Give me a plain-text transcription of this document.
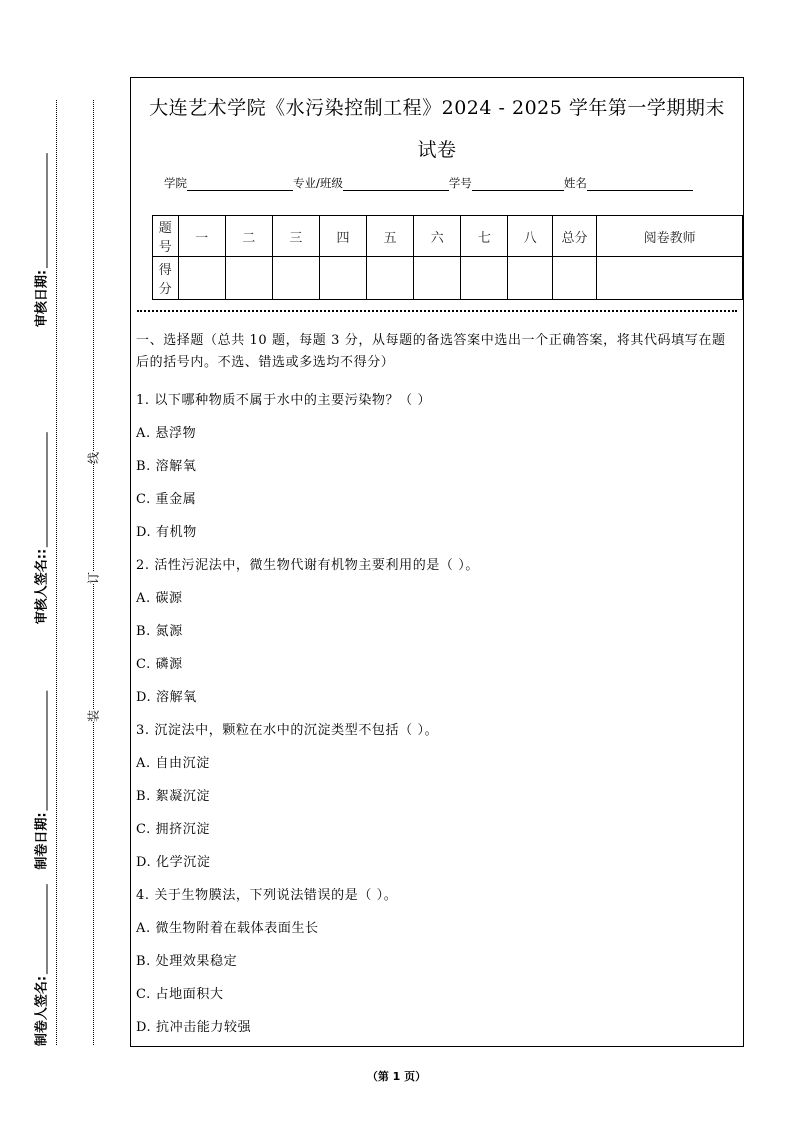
审核日期:
审核人签名::
制卷日期:
制卷人签名:
线
订
装
大连艺术学院《水污染控制工程》2024 - 2025 学年第一学期期末
试卷
学院	专业/班级	学号	姓名
题号	一	二	三	四	五	六	七	八	总分	阅卷教师
得分										
一、选择题（总共 10 题，每题 3 分，从每题的备选答案中选出一个正确答案，将其代码填写在题后的括号内。不选、错选或多选均不得分）
1. 以下哪种物质不属于水中的主要污染物？（ ）
A. 悬浮物
B. 溶解氧
C. 重金属
D. 有机物
2. 活性污泥法中，微生物代谢有机物主要利用的是（ ）。
A. 碳源
B. 氮源
C. 磷源
D. 溶解氧
3. 沉淀法中，颗粒在水中的沉淀类型不包括（ ）。
A. 自由沉淀
B. 絮凝沉淀
C. 拥挤沉淀
D. 化学沉淀
4. 关于生物膜法，下列说法错误的是（ ）。
A. 微生物附着在载体表面生长
B. 处理效果稳定
C. 占地面积大
D. 抗冲击能力较强
（第 1 页）
